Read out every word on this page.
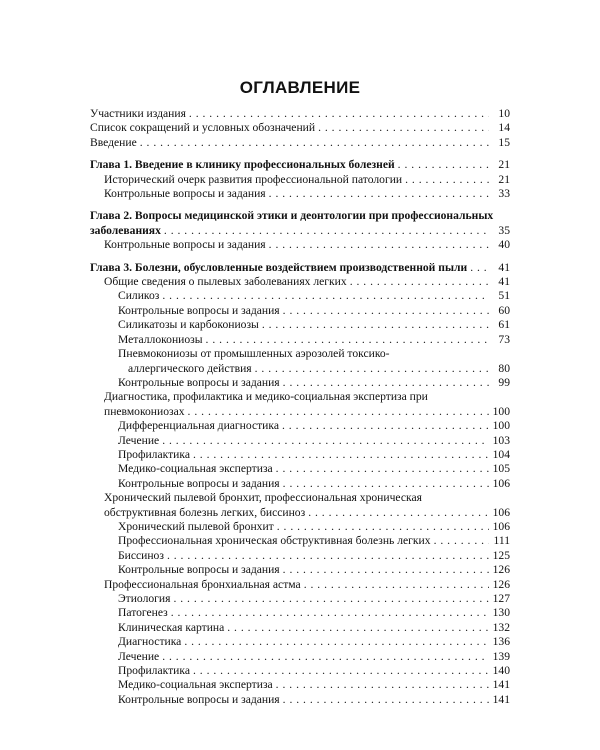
ОГЛАВЛЕНИЕ
Участники издания . . .	10
Список сокращений и условных обозначений . . .	14
Введение . . .	15
Глава 1. Введение в клинику профессиональных болезней . . .	21
Исторический очерк развития профессиональной патологии . . .	21
Контрольные вопросы и задания . . .	33
Глава 2. Вопросы медицинской этики и деонтологии при профессиональных
заболеваниях . . .	35
Контрольные вопросы и задания . . .	40
Глава 3. Болезни, обусловленные воздействием производственной пыли . . .	41
Общие сведения о пылевых заболеваниях легких . . .	41
Силикоз . . .	51
Контрольные вопросы и задания . . .	60
Силикатозы и карбокониозы . . .	61
Металлокониозы . . .	73
Пневмокониозы от промышленных аэрозолей токсико-
аллергического действия . . .	80
Контрольные вопросы и задания . . .	99
Диагностика, профилактика и медико-социальная экспертиза при
пневмокониозах . . .	100
Дифференциальная диагностика . . .	100
Лечение . . .	103
Профилактика . . .	104
Медико-социальная экспертиза . . .	105
Контрольные вопросы и задания . . .	106
Хронический пылевой бронхит, профессиональная хроническая
обструктивная болезнь легких, биссиноз . . .	106
Хронический пылевой бронхит . . .	106
Профессиональная хроническая обструктивная болезнь легких . . .	111
Биссиноз . . .	125
Контрольные вопросы и задания . . .	126
Профессиональная бронхиальная астма . . .	126
Этиология . . .	127
Патогенез . . .	130
Клиническая картина . . .	132
Диагностика . . .	136
Лечение . . .	139
Профилактика . . .	140
Медико-социальная экспертиза . . .	141
Контрольные вопросы и задания . . .	141
